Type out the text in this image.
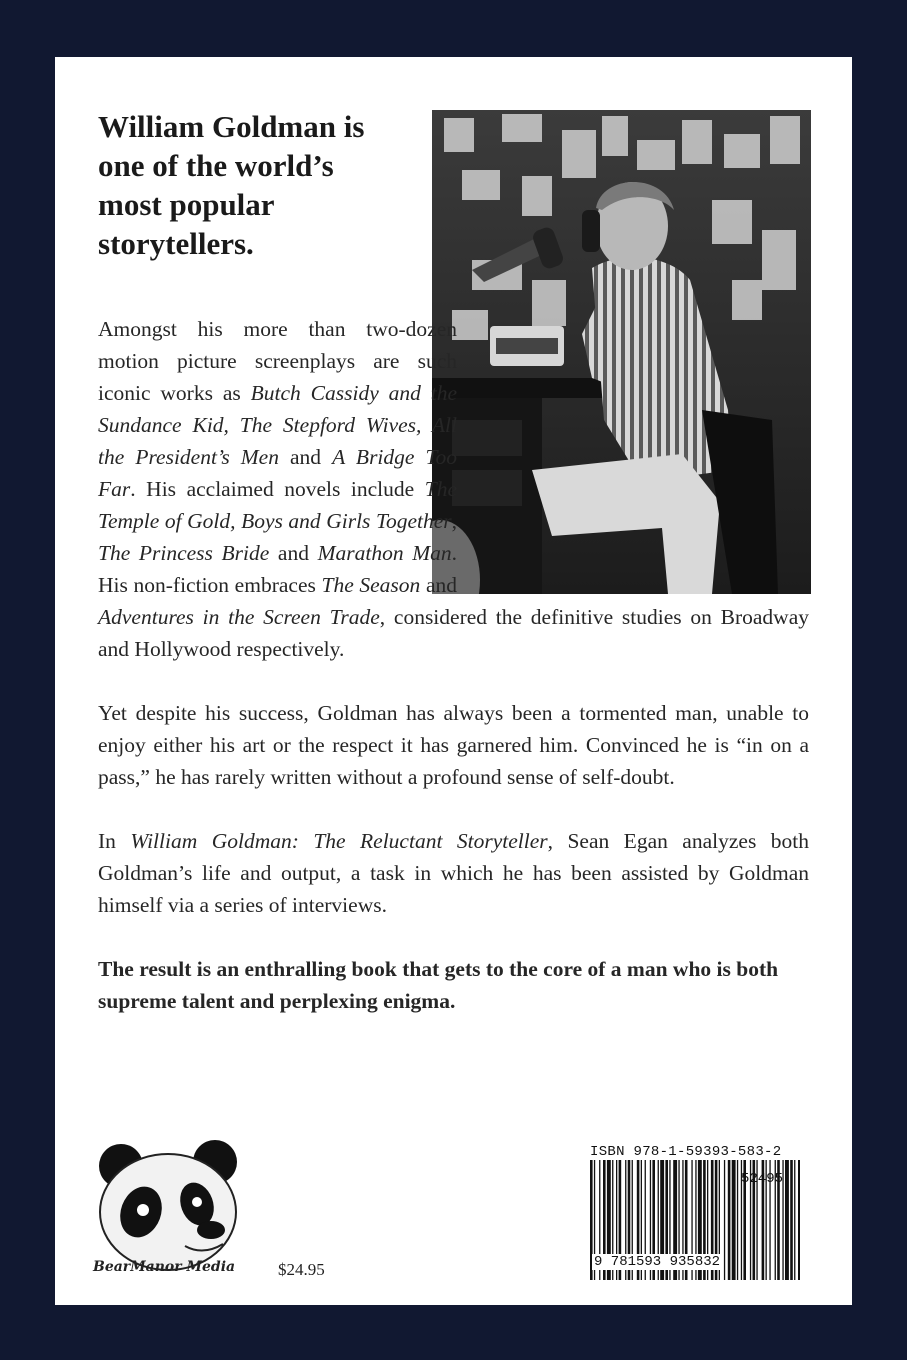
William Goldman is one of the world’s most popular storytellers.

Amongst his more than two-dozen motion picture screenplays are such iconic works as Butch Cassidy and the Sundance Kid, The Stepford Wives, All the President’s Men and A Bridge Too Far. His acclaimed novels include The Temple of Gold, Boys and Girls Together, The Princess Bride and Marathon Man. His non-fiction embraces The Season and Adventures in the Screen Trade, considered the definitive studies on Broadway and Hollywood respectively.

Yet despite his success, Goldman has always been a tormented man, unable to enjoy either his art or the respect it has garnered him. Convinced he is “in on a pass,” he has rarely written without a profound sense of self-doubt.

In William Goldman: The Reluctant Storyteller, Sean Egan analyzes both Goldman’s life and output, a task in which he has been assisted by Goldman himself via a series of interviews.

The result is an enthralling book that gets to the core of a man who is both supreme talent and perplexing enigma.

BearManor Media	$24.95
ISBN 978-1-59393-583-2
52495
9 781593 935832
